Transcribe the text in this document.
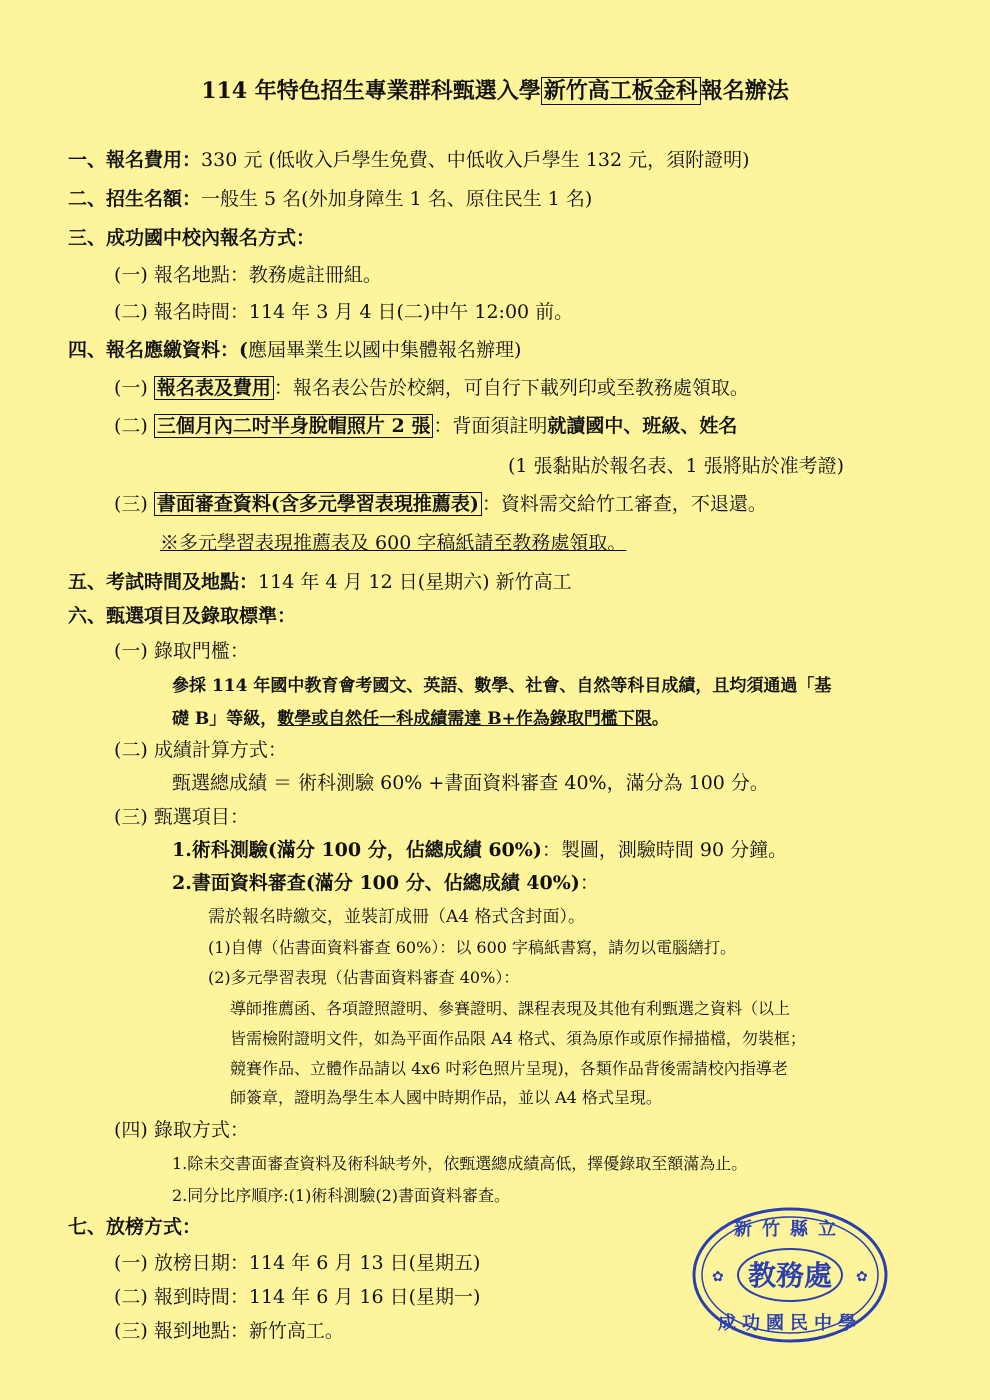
114 年特色招生專業群科甄選入學 新竹高工板金科 報名辦法
一、報名費用：330 元 (低收入戶學生免費、中低收入戶學生 132 元，須附證明)
二、招生名額：一般生 5 名(外加身障生 1 名、原住民生 1 名)
三、成功國中校內報名方式：
(一) 報名地點：教務處註冊組。
(二) 報名時間：114 年 3 月 4 日(二)中午 12:00 前。
四、報名應繳資料：(應屆畢業生以國中集體報名辦理)
(一) 報名表及費用 ：報名表公告於校網，可自行下載列印或至教務處領取。
(二) 三個月內二吋半身脫帽照片 2 張 ：背面須註明就讀國中、班級、姓名
(1 張黏貼於報名表、1 張將貼於准考證)
(三) 書面審查資料(含多元學習表現推薦表) ：資料需交給竹工審查，不退還。
※多元學習表現推薦表及 600 字稿紙請至教務處領取。
五、考試時間及地點：114 年 4 月 12 日(星期六) 新竹高工
六、甄選項目及錄取標準：
(一) 錄取門檻：
參採 114 年國中教育會考國文、英語、數學、社會、自然等科目成績，且均須通過「基
礎 B」等級，數學或自然任一科成績需達 B+作為錄取門檻下限。
(二) 成績計算方式：
甄選總成績 ＝ 術科測驗 60% +書面資料審查 40%，滿分為 100 分。
(三) 甄選項目：
1.術科測驗(滿分 100 分，佔總成績 60%)：製圖，測驗時間 90 分鐘。
2.書面資料審查(滿分 100 分、佔總成績 40%)：
需於報名時繳交，並裝訂成冊（A4 格式含封面）。
(1)自傳（佔書面資料審查 60%）：以 600 字稿紙書寫，請勿以電腦繕打。
(2)多元學習表現（佔書面資料審查 40%）：
導師推薦函、各項證照證明、參賽證明、課程表現及其他有利甄選之資料（以上
皆需檢附證明文件，如為平面作品限 A4 格式、須為原作或原作掃描檔，勿裝框；
競賽作品、立體作品請以 4x6 吋彩色照片呈現)，各類作品背後需請校內指導老
師簽章，證明為學生本人國中時期作品，並以 A4 格式呈現。
(四) 錄取方式：
1.除未交書面審查資料及術科缺考外，依甄選總成績高低，擇優錄取至額滿為止。
2.同分比序順序:(1)術科測驗(2)書面資料審查。
七、放榜方式：
(一) 放榜日期：114 年 6 月 13 日(星期五)
(二) 報到時間：114 年 6 月 16 日(星期一)
(三) 報到地點：新竹高工。
教務處
新竹縣立
成功國民中學
✿	✿
